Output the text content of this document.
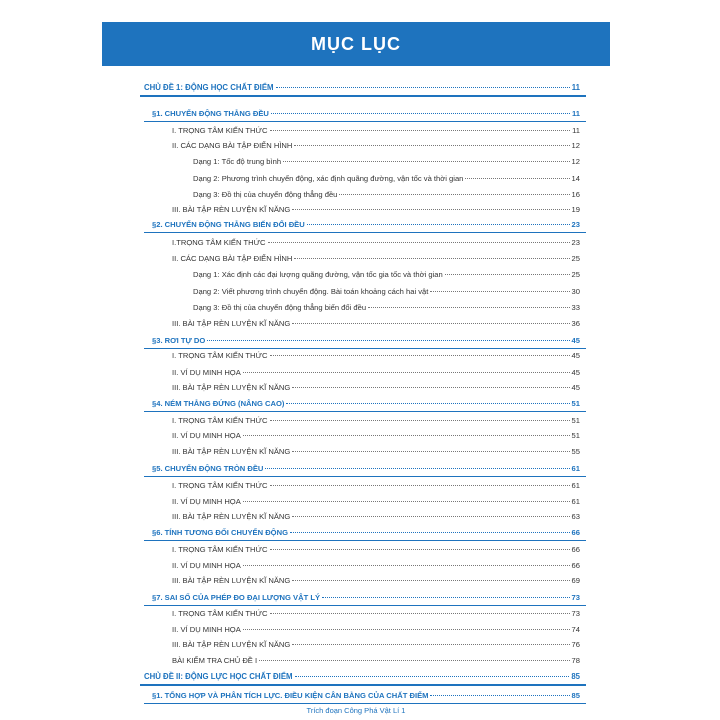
MỤC LỤC
CHỦ ĐỀ 1: ĐỘNG HỌC CHẤT ĐIỂM	11
§1. CHUYỂN ĐỘNG THẲNG ĐỀU	11
I. TRỌNG TÂM KIẾN THỨC	11
II. CÁC DẠNG BÀI TẬP ĐIỂN HÌNH	12
Dạng 1: Tốc độ trung bình	12
Dạng 2: Phương trình chuyển động, xác định quãng đường, vận tốc và thời gian	14
Dạng 3: Đồ thị của chuyển động thẳng đều	16
III. BÀI TẬP RÈN LUYỆN KĨ NĂNG	19
§2. CHUYỂN ĐỘNG THẲNG BIẾN ĐỔI ĐỀU	23
I.TRỌNG TÂM KIẾN THỨC	23
II. CÁC DẠNG BÀI TẬP ĐIỂN HÌNH	25
Dạng 1: Xác định các đại lượng quãng đường, vận tốc gia tốc và thời gian	25
Dạng 2: Viết phương trình chuyển động. Bài toán khoảng cách hai vật	30
Dạng 3: Đồ thị của chuyển động thẳng biến đổi đều	33
III. BÀI TẬP RÈN LUYỆN KĨ NĂNG	36
§3. RƠI TỰ DO	45
I. TRỌNG TÂM KIẾN THỨC	45
II. VÍ DỤ MINH HỌA	45
III. BÀI TẬP RÈN LUYỆN KĨ NĂNG	45
§4. NÉM THẲNG ĐỨNG (NÂNG CAO)	51
I. TRỌNG TÂM KIẾN THỨC	51
II. VÍ DỤ MINH HỌA	51
III. BÀI TẬP RÈN LUYỆN KĨ NĂNG	55
§5. CHUYỂN ĐỘNG TRÒN ĐỀU	61
I. TRỌNG TÂM KIẾN THỨC	61
II. VÍ DỤ MINH HỌA	61
III. BÀI TẬP RÈN LUYỆN KĨ NĂNG	63
§6. TÍNH TƯƠNG ĐỐI CHUYỂN ĐỘNG	66
I. TRỌNG TÂM KIẾN THỨC	66
II. VÍ DỤ MINH HỌA	66
III. BÀI TẬP RÈN LUYỆN KĨ NĂNG	69
§7. SAI SỐ CỦA PHÉP ĐO ĐẠI LƯỢNG VẬT LÝ	73
I. TRỌNG TÂM KIẾN THỨC	73
II. VÍ DỤ MINH HỌA	74
III. BÀI TẬP RÈN LUYỆN KĨ NĂNG	76
BÀI KIỂM TRA CHỦ ĐỀ I	78
CHỦ ĐỀ II: ĐỘNG LỰC HỌC CHẤT ĐIỂM	85
§1. TỔNG HỢP VÀ PHÂN TÍCH LỰC. ĐIỀU KIỆN CÂN BẰNG CỦA CHẤT ĐIỂM	85
Trích đoạn Công Phá Vật Lí 1
